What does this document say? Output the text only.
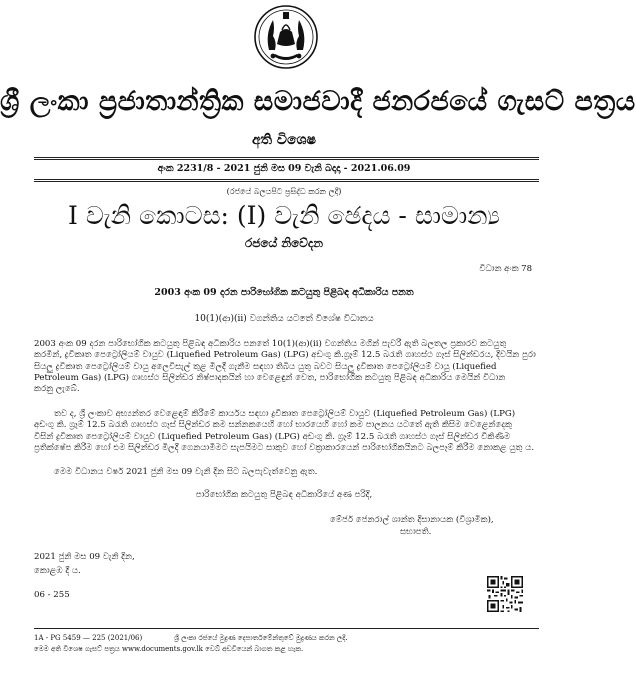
ශ්‍රී ලංකා ප්‍රජාතාන්ත්‍රික සමාජවාදී ජනරජයේ ගැසට් පත්‍රය
අති විශෙෂ
අංක 2231/8 - 2021 ජුනි මස 09 වැනි බදාදා - 2021.06.09
(රජයේ බලයපිට ප්‍රසිද්ධ කරන ලදී)
I වැනි කොටස: (I) වැනි ඡෙදය - සාමාන්‍ය
රජයේ නිවේදන
විධාන අංක 78
2003 අංක 09 දරන පාරිභෝගික කටයුතු පිළිබඳ අධිකාරිය පනත
10(1)(ආ)(ii) වගන්තිය යටතේ විශේෂ විධානය
2003 අංක 09 දරන පාරිභෝගික කටයුතු පිළිබඳ අධිකාරිය පනතේ 10(1)(ආ)(ii) වගන්තිය මගින් පැවරී ඇති බලතල ප්‍රකාරව කටයුතු
කරමින්, ද්‍රවීකෘත පෙට්‍රෝලියම් වායුව (Liquefied Petroleum Gas) (LPG) අඩංගු කි.ග්‍රෑම් 12.5 බරැති ගෘහස්ථ ගෑස් සිලින්ඩරය, දිවයින පුරා
සියලු ද්‍රවීකෘත පෙට්‍රෝලියම් වායු අලෙවිසැල් තුළ මිලදී ගැනීම සඳහා තිබිය යුතු බවට සියලු ද්‍රවීකෘත පෙට්‍රෝලියම් වායු (Liquefied
Petroleum Gas) (LPG) ගෘහස්ථ සිලින්ඩර නිෂ්පාදකයින් හා වෙළෙඳුන් වෙත, පාරිභෝගික කටයුතු පිළිබඳ අධිකාරිය මෙයින් විධාන
කරනු ලැබේ.
තව ද, ශ්‍රී ලංකාව අභ්‍යන්තර වෙළෙඳාම් කිරීමේ කාර්යය සඳහා ද්‍රවීකෘත පෙට්‍රෝලියම් වායුව (Liquefied Petroleum Gas) (LPG)
අඩංගු කි. ග්‍රෑම් 12.5 බරැති ගෘහස්ථ ගෑස් සිලින්ඩර කම සන්නකයෙහි හෝ භාරයෙහි හෝ කම පාලනය යටතේ ඇති කිසිම වෙළෙන්දෙකු
විසින් ද්‍රවීකෘත පෙට්‍රෝලියම් වායුව (Liquefied Petroleum Gas) (LPG) අඩංගු කි. ග්‍රෑම් 12.5 බරැති ගෘහස්ථ ගෑස් සිලින්ඩර විකිණීම
ප්‍රතික්ෂේප කිරීම හෝ එම සිලින්ඩර මිලදී ගෙනයාමීමට සැපයිමට සාකුව හෝ වක්‍රාකාරයෙන් පාරිභෝගිකයිනට බලපෑම් කිරීම නොකළ යුතු ය.
මෙම විධානය වර්ෂ 2021 ජුනි මස 09 වැනි දින සිට බලපැවැත්වෙනු ඇත.
පාරිභෝගික කටයුතු පිළිබඳ අධිකාරියේ අණ පරිදි,
මේජර් ජෙනරාල් ශාන්ත දිසානායක (විශ්‍රාමික),
සභාපති.
2021 ජුනි මස 09 වැනි දින,
කොළඹ දී ය.
06 - 255
1A - PG 5459 — 225 (2021/06)	ශ්‍රී ලංකා රජයේ මුද්‍රණ දෙපාර්තමේන්තුවේ මුද්‍රණය කරන ලදී.
මෙම අති විශෙෂ ගැසට් පත්‍රය www.documents.gov.lk වෙබ් අඩවියෙන් බාගත කළ හැක.
